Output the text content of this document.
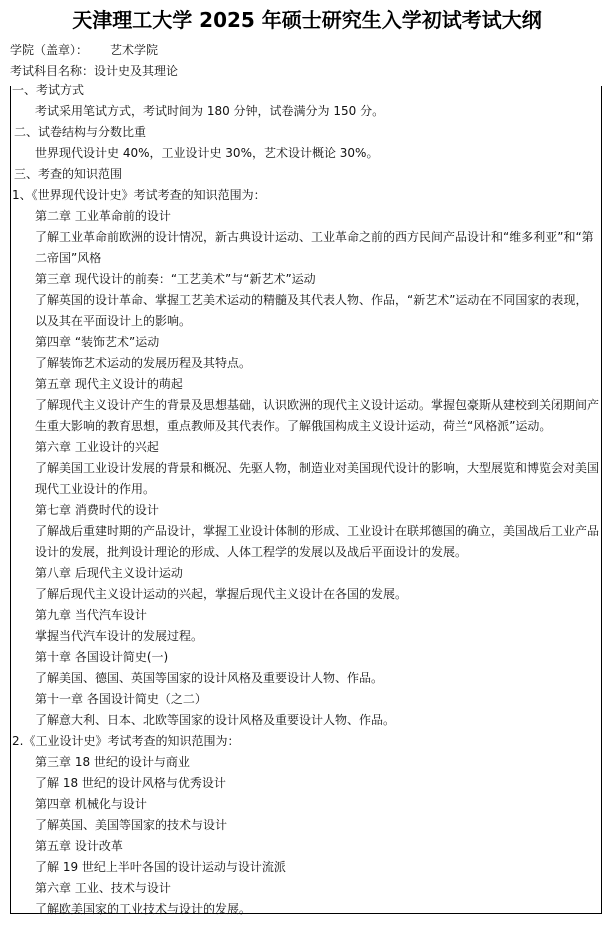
天津理工大学 2025 年硕士研究生入学初试考试大纲
学院（盖章）： 艺术学院
考试科目名称：设计史及其理论
一、考试方式
考试采用笔试方式，考试时间为 180 分钟，试卷满分为 150 分。
二、试卷结构与分数比重
世界现代设计史 40%，工业设计史 30%，艺术设计概论 30%。
三、考查的知识范围
1、《世界现代设计史》考试考查的知识范围为：
第二章 工业革命前的设计
了解工业革命前欧洲的设计情况，新古典设计运动、工业革命之前的西方民间产品设计和“维多利亚”和“第
二帝国”风格
第三章 现代设计的前奏：“工艺美术”与“新艺术”运动
了解英国的设计革命、掌握工艺美术运动的精髓及其代表人物、作品，“新艺术”运动在不同国家的表现，
以及其在平面设计上的影响。
第四章 “装饰艺术”运动
了解装饰艺术运动的发展历程及其特点。
第五章 现代主义设计的萌起
了解现代主义设计产生的背景及思想基础，认识欧洲的现代主义设计运动。掌握包豪斯从建校到关闭期间产
生重大影响的教育思想，重点教师及其代表作。了解俄国构成主义设计运动，荷兰“风格派”运动。
第六章 工业设计的兴起
了解美国工业设计发展的背景和概况、先驱人物，制造业对美国现代设计的影响，大型展览和博览会对美国
现代工业设计的作用。
第七章 消费时代的设计
了解战后重建时期的产品设计，掌握工业设计体制的形成、工业设计在联邦德国的确立，美国战后工业产品
设计的发展，批判设计理论的形成、人体工程学的发展以及战后平面设计的发展。
第八章 后现代主义设计运动
了解后现代主义设计运动的兴起，掌握后现代主义设计在各国的发展。
第九章 当代汽车设计
掌握当代汽车设计的发展过程。
第十章 各国设计简史(一)
了解美国、德国、英国等国家的设计风格及重要设计人物、作品。
第十一章 各国设计简史（之二）
了解意大利、日本、北欧等国家的设计风格及重要设计人物、作品。
2.《工业设计史》考试考查的知识范围为：
第三章 18 世纪的设计与商业
了解 18 世纪的设计风格与优秀设计
第四章 机械化与设计
了解英国、美国等国家的技术与设计
第五章 设计改革
了解 19 世纪上半叶各国的设计运动与设计流派
第六章 工业、技术与设计
了解欧美国家的工业技术与设计的发展。
